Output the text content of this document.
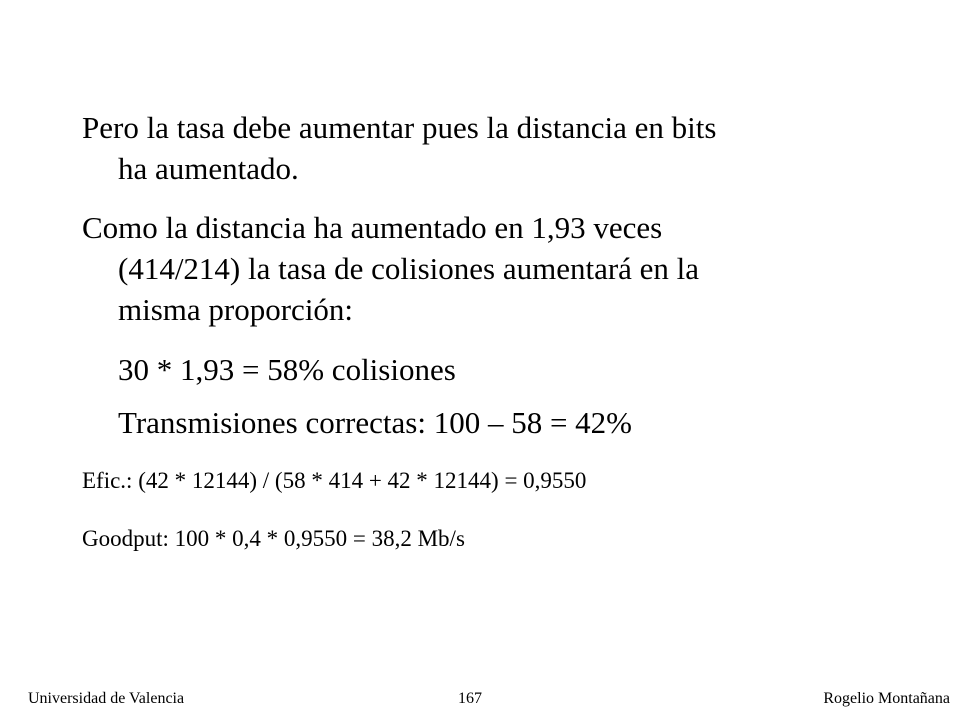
Pero la tasa debe aumentar pues la distancia en bits
ha aumentado.
Como la distancia ha aumentado en 1,93 veces
(414/214) la tasa de colisiones aumentará en la
misma proporción:
30 * 1,93 = 58% colisiones
Transmisiones correctas: 100 – 58 = 42%
Efic.: (42 * 12144) / (58 * 414 + 42 * 12144) = 0,9550
Goodput: 100 * 0,4 * 0,9550 = 38,2 Mb/s
Universidad de Valencia	167	Rogelio Montañana
